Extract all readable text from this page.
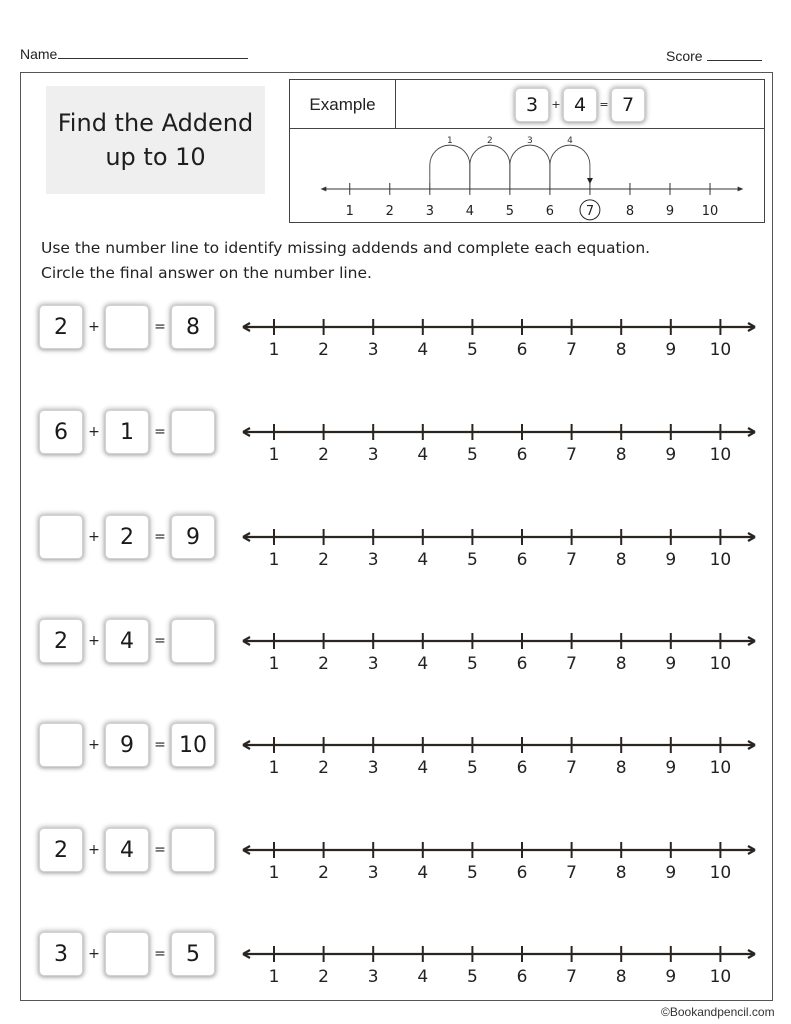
Name	Score
Find the Addend
up to 10
Example	3	+ 4	= 7
1 2 3 4 5 6 7 8 9 10
1	2	3	4
Use the number line to identify missing addends and complete each equation.
Circle the final answer on the number line.
2	+	= 8
1 2 3 4 5 6 7 8 9 10
6	+ 1	=
1 2 3 4 5 6 7 8 9 10
+ 2	= 9
1 2 3 4 5 6 7 8 9 10
2	+ 4	=
1 2 3 4 5 6 7 8 9 10
+ 9	= 10
1 2 3 4 5 6 7 8 9 10
2	+ 4	=
1 2 3 4 5 6 7 8 9 10
3	+	= 5
1 2 3 4 5 6 7 8 9 10
©Bookandpencil.com
